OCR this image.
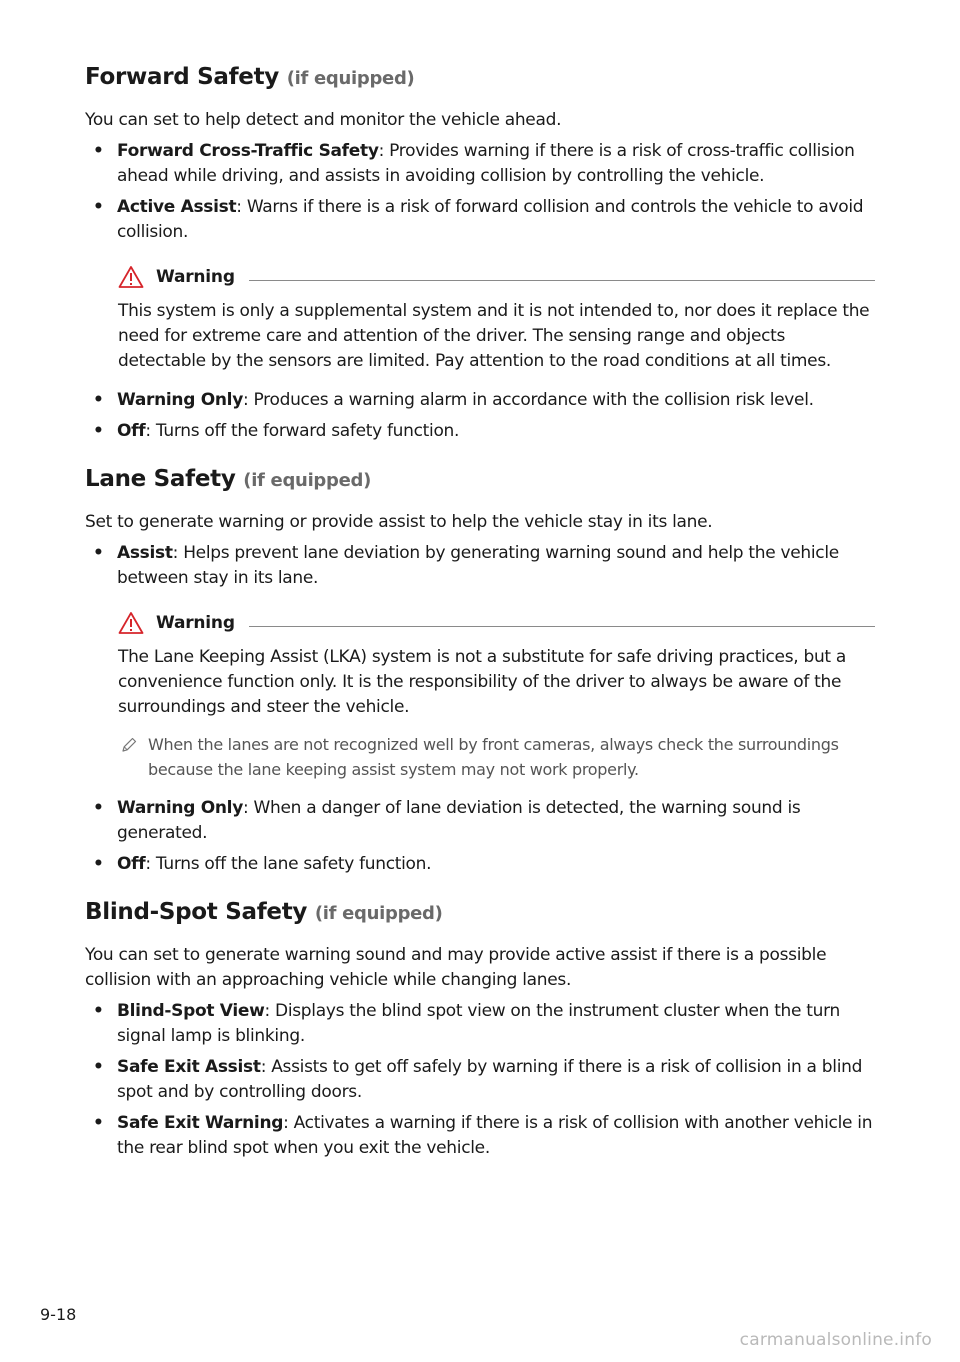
Forward Safety (if equipped)

You can set to help detect and monitor the vehicle ahead.

• Forward Cross-Traffic Safety: Provides warning if there is a risk of cross-traffic collision ahead while driving, and assists in avoiding collision by controlling the vehicle.
• Active Assist: Warns if there is a risk of forward collision and controls the vehicle to avoid collision.
Warning

This system is only a supplemental system and it is not intended to, nor does it replace the need for extreme care and attention of the driver. The sensing range and objects detectable by the sensors are limited. Pay attention to the road conditions at all times.

• Warning Only: Produces a warning alarm in accordance with the collision risk level.
• Off: Turns off the forward safety function.
Lane Safety (if equipped)

Set to generate warning or provide assist to help the vehicle stay in its lane.

• Assist: Helps prevent lane deviation by generating warning sound and help the vehicle between stay in its lane.
Warning

The Lane Keeping Assist (LKA) system is not a substitute for safe driving practices, but a convenience function only. It is the responsibility of the driver to always be aware of the surroundings and steer the vehicle.

When the lanes are not recognized well by front cameras, always check the surroundings because the lane keeping assist system may not work properly.
• Warning Only: When a danger of lane deviation is detected, the warning sound is generated.
• Off: Turns off the lane safety function.
Blind-Spot Safety (if equipped)

You can set to generate warning sound and may provide active assist if there is a possible collision with an approaching vehicle while changing lanes.

• Blind-Spot View: Displays the blind spot view on the instrument cluster when the turn signal lamp is blinking.
• Safe Exit Assist: Assists to get off safely by warning if there is a risk of collision in a blind spot and by controlling doors.
• Safe Exit Warning: Activates a warning if there is a risk of collision with another vehicle in the rear blind spot when you exit the vehicle.
9-18
carmanualsonline.info
